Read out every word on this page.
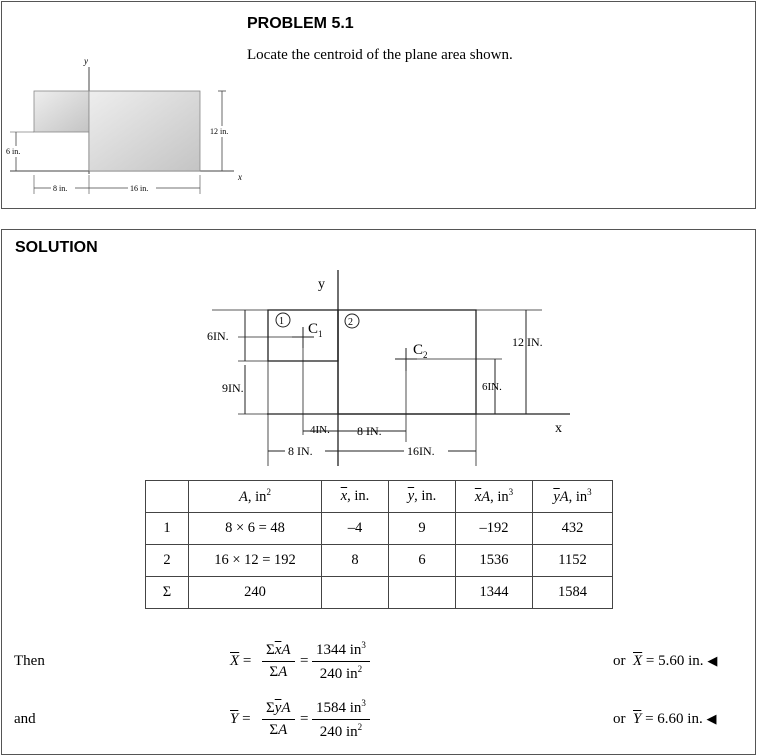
PROBLEM 5.1
Locate the centroid of the plane area shown.
y
x
12 in.
6 in.
8 in.	16 in.
SOLUTION
y
x
1	2
$C_1$
$C_2$
6IN.
9IN.
12 IN.
6IN.
4IN. 8 IN.
8 IN.	16IN.
	A, $in^2$	$\overline{x}$, in.	$\overline{y}$, in.	$\overline{x}A$, $in^3$	$\overline{y}A$, $in^3$
1	8 × 6 = 48	–4	9	–192	432
2	16 × 12 = 192	8	6	1536	1152
Σ	240			1344	1584
Then	$\overline{X}$ =
$\Sigma\overline{x}A$
ΣA
= $\frac{1344 in^3}{240 in^2}$	or $\overline{X} = 5.60$ in. ◀
and	$\overline{Y}$ =
$\Sigma\overline{y}A$
ΣA
= $\frac{1584 in^3}{240 in^2}$	or $\overline{Y} = 6.60$ in. ◀
